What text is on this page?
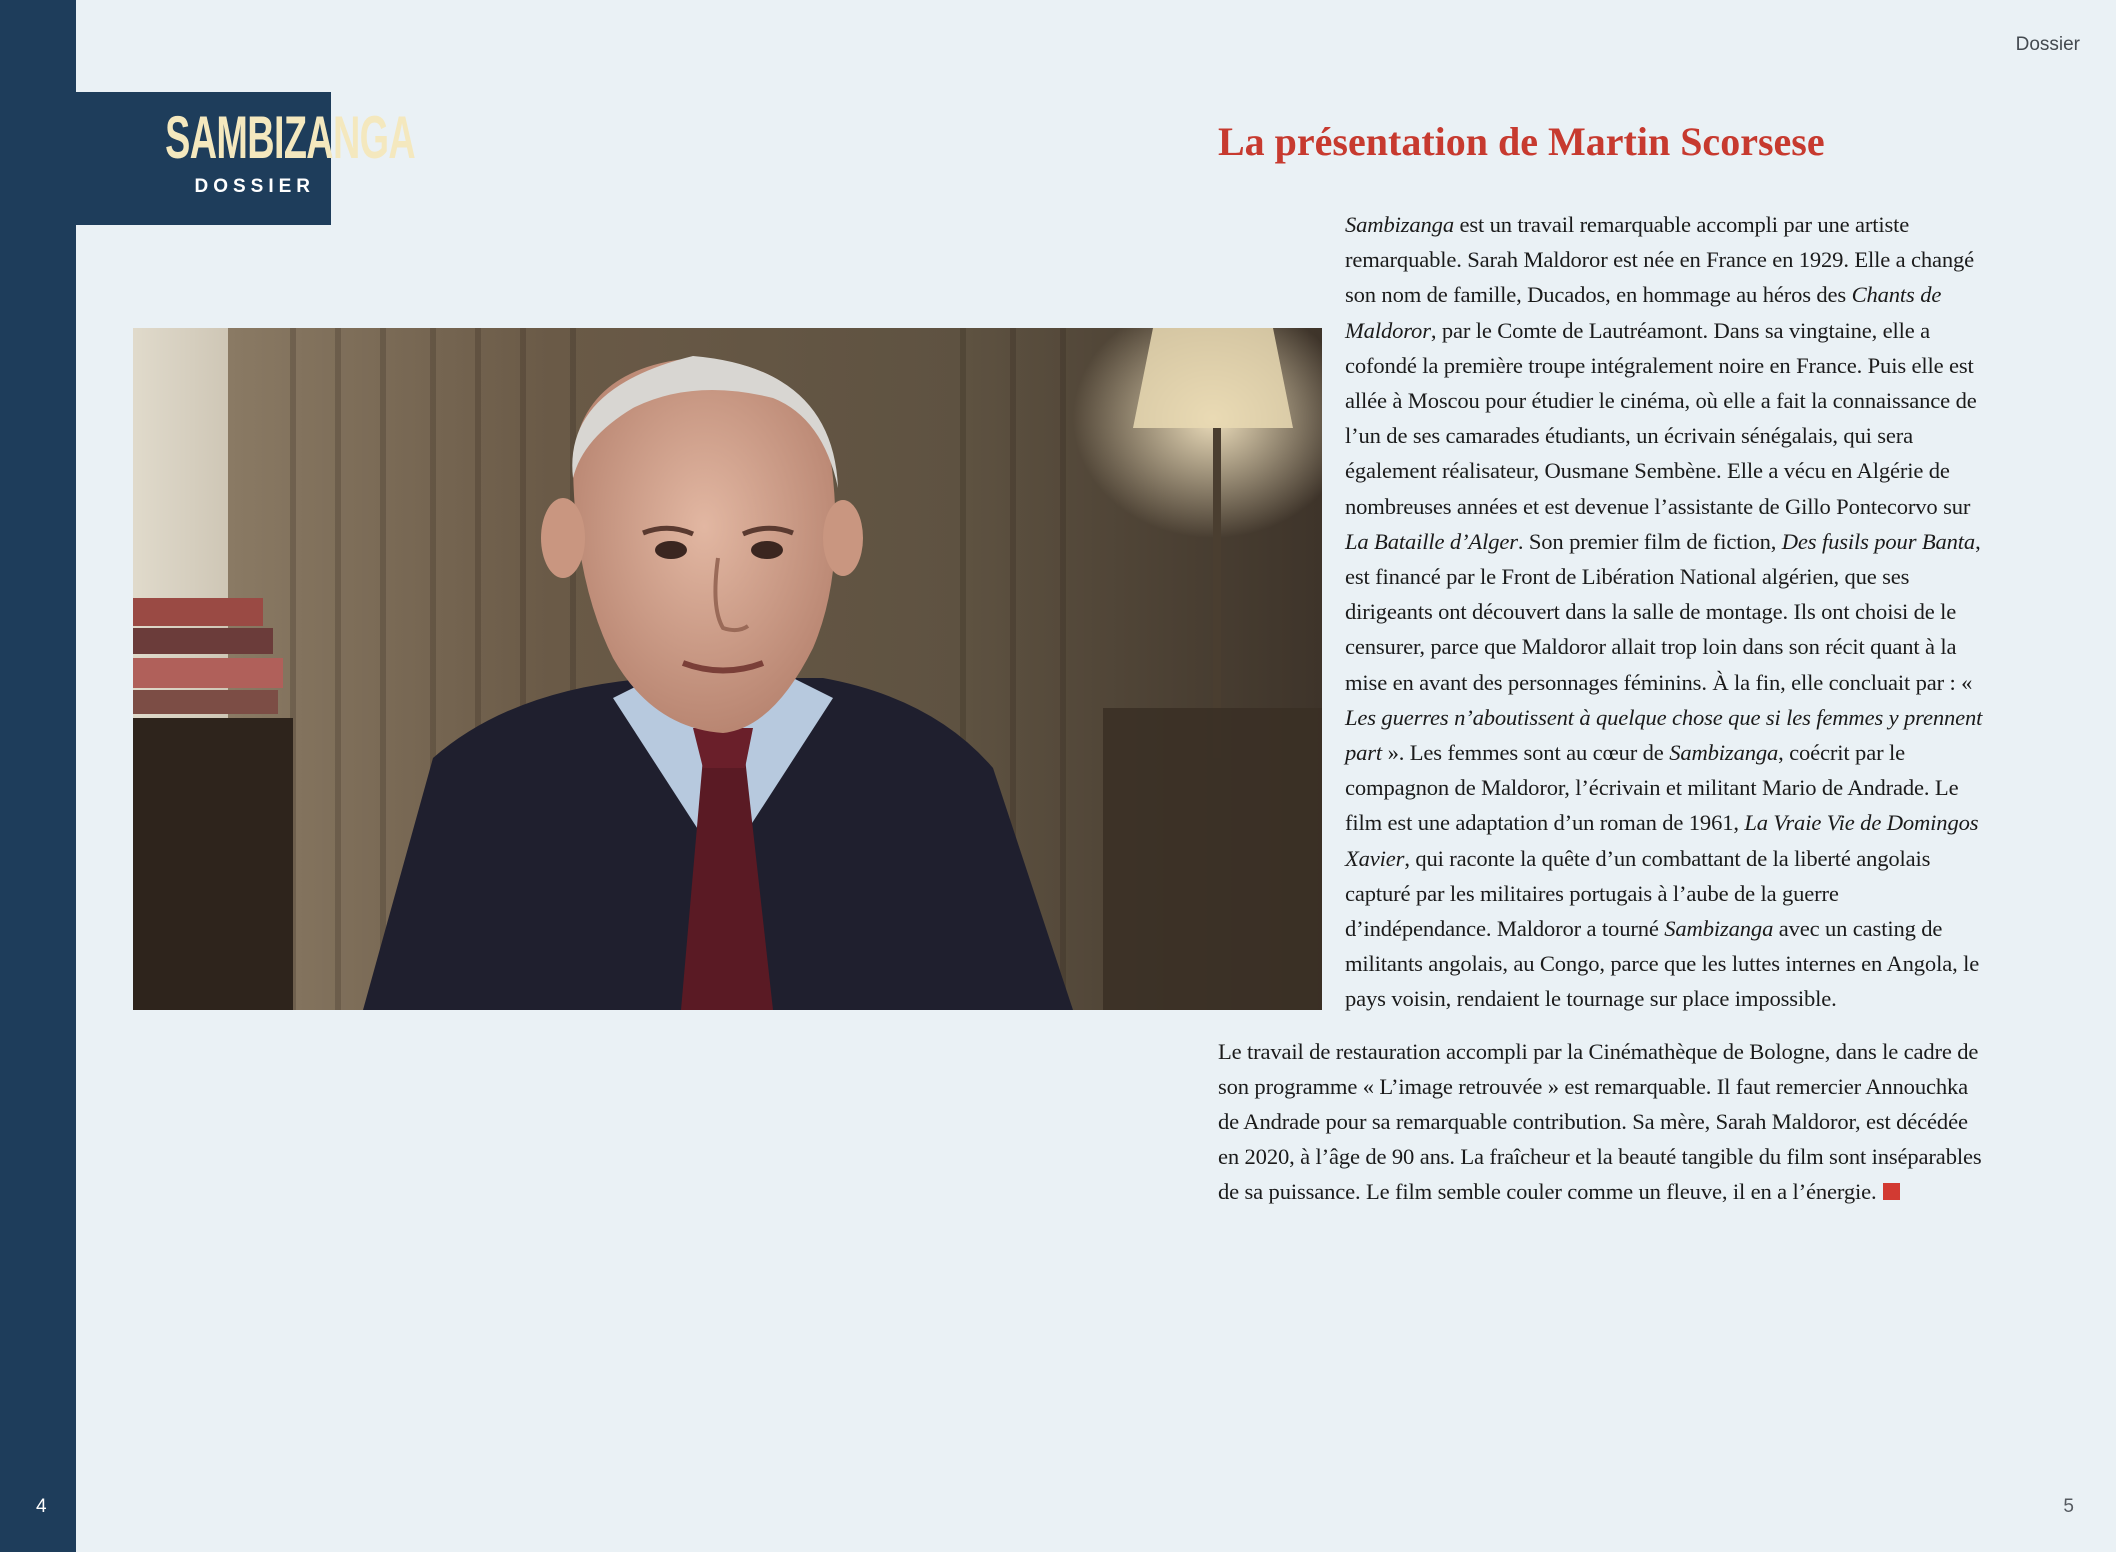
4	5
Dossier
SAMBIZANGA
DOSSIER
La présentation de Martin Scorsese

Sambizanga est un travail remarquable accompli par une artiste remarquable. Sarah Maldoror est née en France en 1929. Elle a changé son nom de famille, Ducados, en hommage au héros des Chants de Maldoror, par le Comte de Lautréamont. Dans sa vingtaine, elle a cofondé la première troupe intégralement noire en France. Puis elle est allée à Moscou pour étudier le cinéma, où elle a fait la connaissance de l’un de ses camarades étudiants, un écrivain sénégalais, qui sera également réalisateur, Ousmane Sembène. Elle a vécu en Algérie de nombreuses années et est devenue l’assistante de Gillo Pontecorvo sur La Bataille d’Alger. Son premier film de fiction, Des fusils pour Banta, est financé par le Front de Libération National algérien, que ses dirigeants ont découvert dans la salle de montage. Ils ont choisi de le censurer, parce que Maldoror allait trop loin dans son récit quant à la mise en avant des personnages féminins. À la fin, elle concluait par : « Les guerres n’aboutissent à quelque chose que si les femmes y prennent part ». Les femmes sont au cœur de Sambizanga, coécrit par le compagnon de Maldoror, l’écrivain et militant Mario de Andrade. Le film est une adaptation d’un roman de 1961, La Vraie Vie de Domingos Xavier, qui raconte la quête d’un combattant de la liberté angolais capturé par les militaires portugais à l’aube de la guerre d’indépendance. Maldoror a tourné Sambizanga avec un casting de militants angolais, au Congo, parce que les luttes internes en Angola, le pays voisin, rendaient le tournage sur place impossible.

Le travail de restauration accompli par la Cinémathèque de Bologne, dans le cadre de son programme « L’image retrouvée » est remarquable. Il faut remercier Annouchka de Andrade pour sa remarquable contribution. Sa mère, Sarah Maldoror, est décédée en 2020, à l’âge de 90 ans. La fraîcheur et la beauté tangible du film sont inséparables de sa puissance. Le film semble couler comme un fleuve, il en a l’énergie.
